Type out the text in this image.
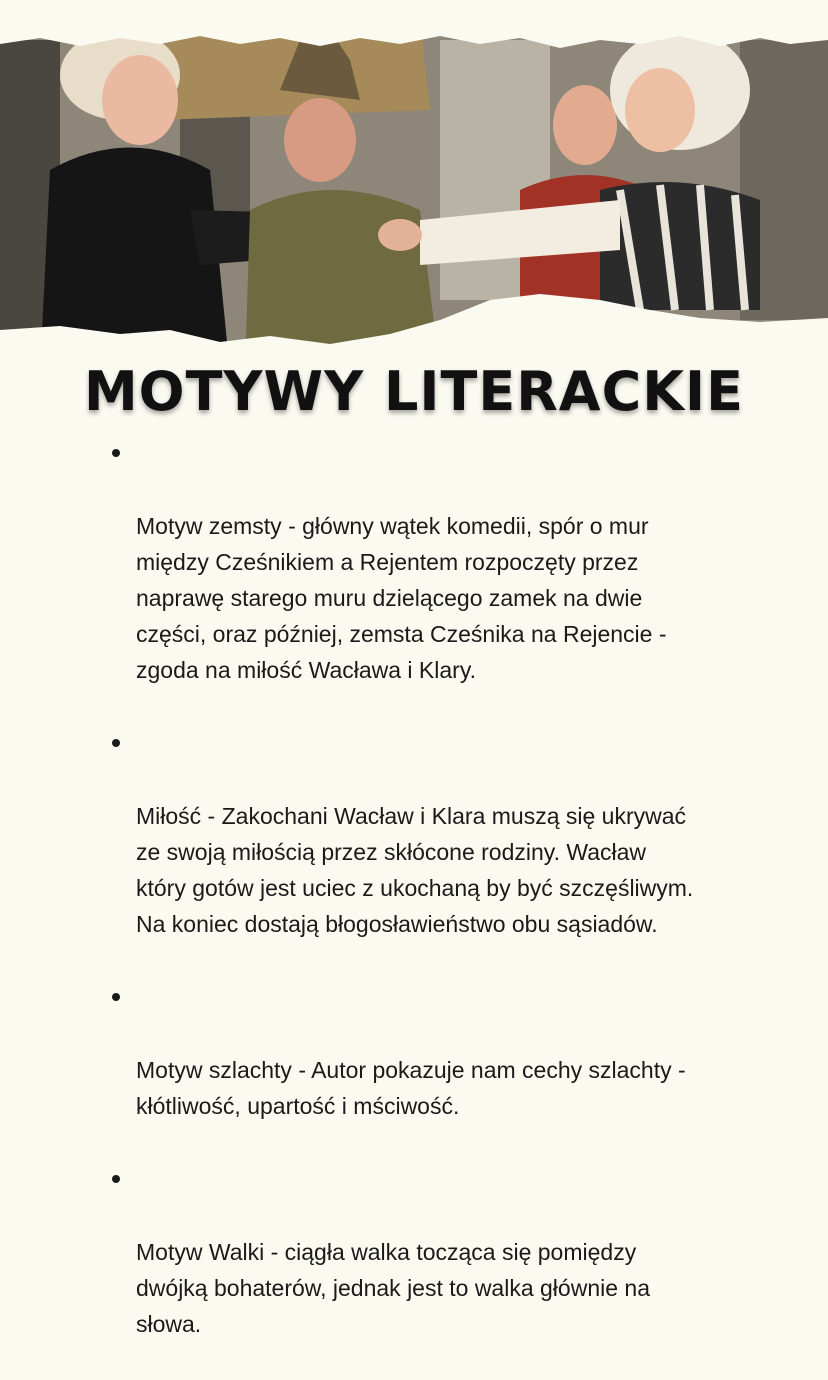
MOTYWY LITERACKIE

Motyw zemsty - główny wątek komedii, spór o mur
między Cześnikiem a Rejentem rozpoczęty przez
naprawę starego muru dzielącego zamek na dwie
części, oraz później, zemsta Cześnika na Rejencie -
zgoda na miłość Wacława i Klary.

Miłość - Zakochani Wacław i Klara muszą się ukrywać
ze swoją miłością przez skłócone rodziny. Wacław
który gotów jest uciec z ukochaną by być szczęśliwym.
Na koniec dostają błogosławieństwo obu sąsiadów.

Motyw szlachty - Autor pokazuje nam cechy szlachty -
kłótliwość, upartość i mściwość.

Motyw Walki - ciągła walka tocząca się pomiędzy
dwójką bohaterów, jednak jest to walka głównie na
słowa.
